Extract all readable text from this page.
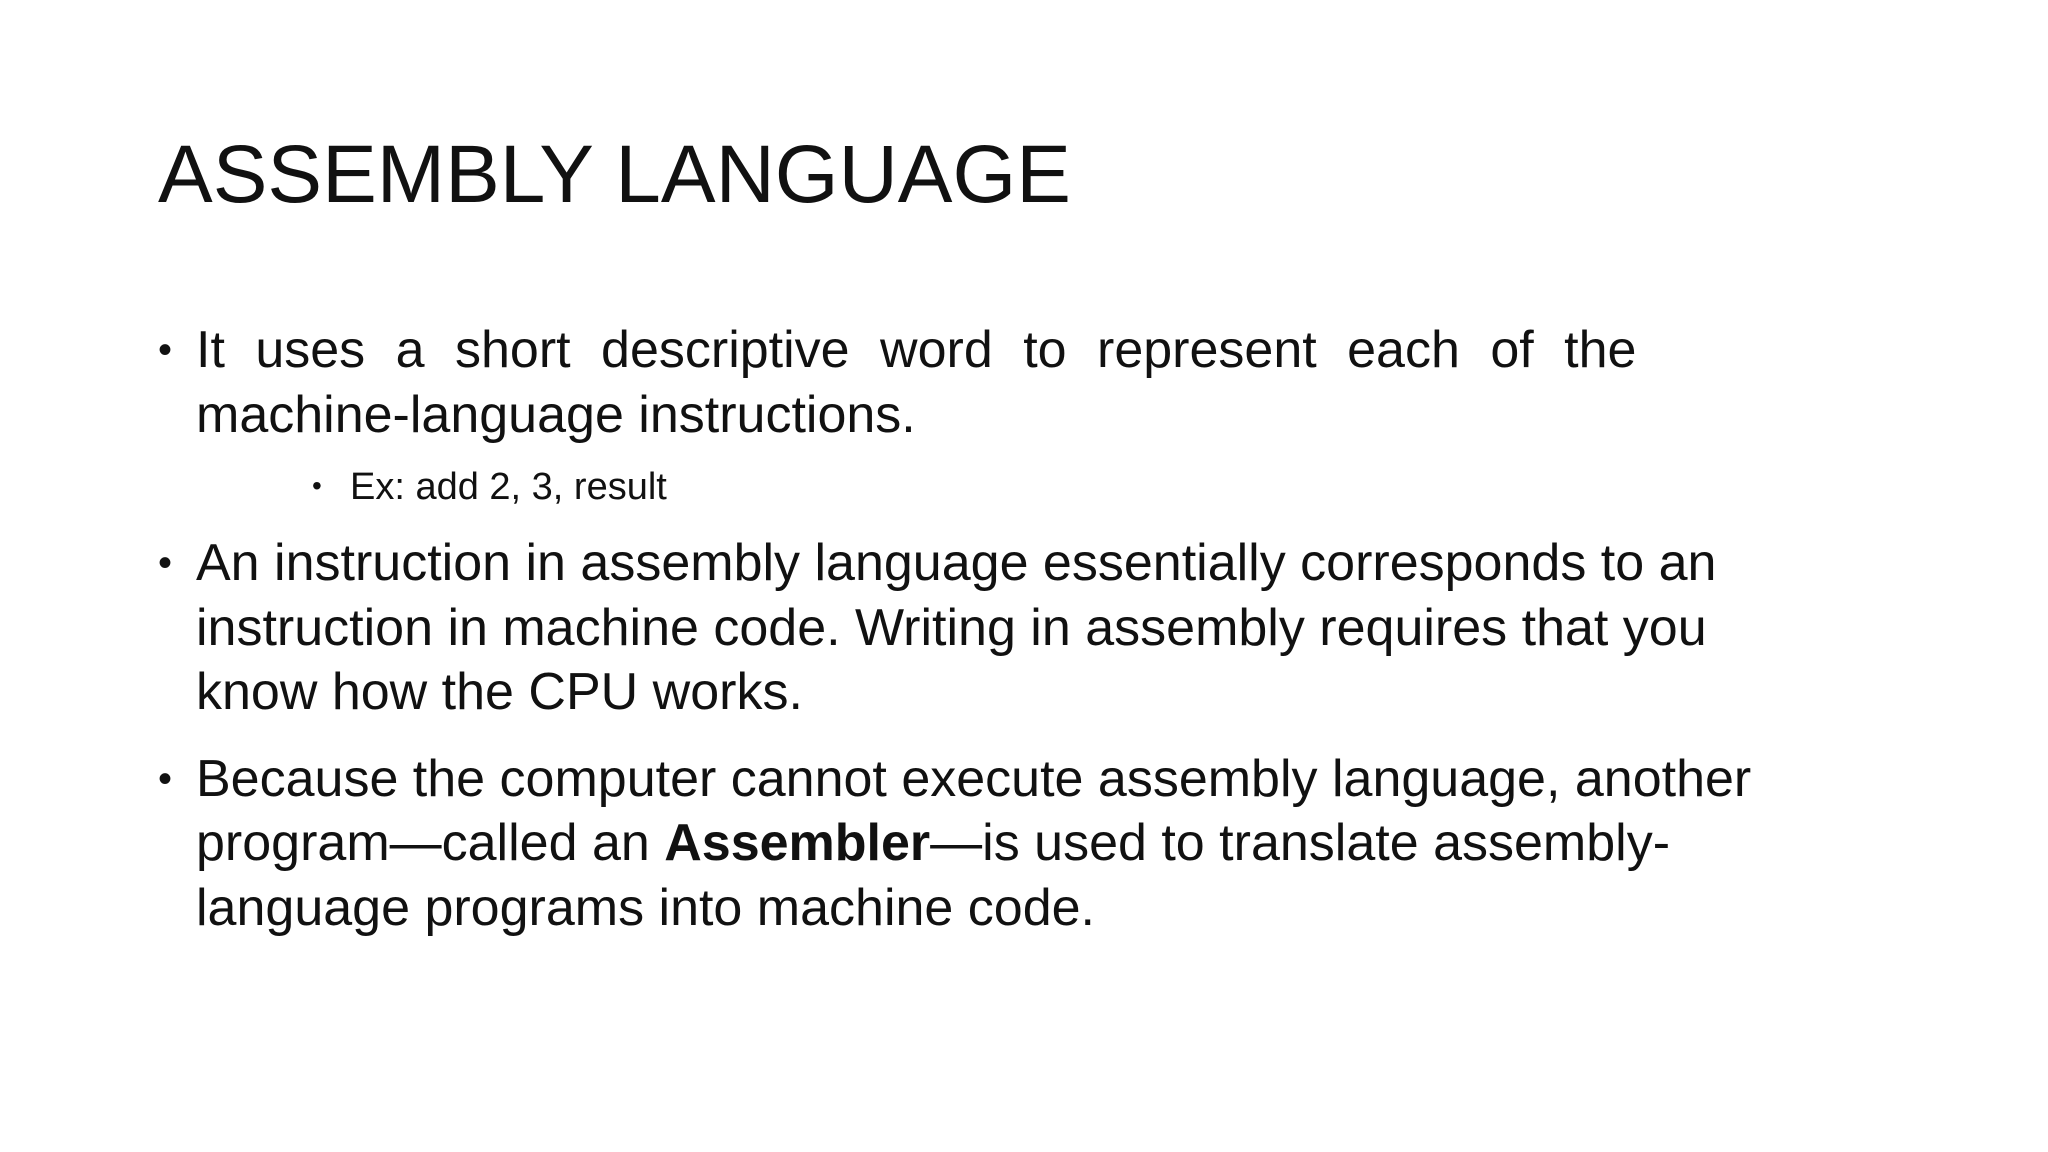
ASSEMBLY LANGUAGE
• It uses a short descriptive word to represent each of the
machine-language instructions.
• Ex: add 2, 3, result
• An instruction in assembly language essentially corresponds to an
instruction in machine code. Writing in assembly requires that you
know how the CPU works.
• Because the computer cannot execute assembly language, another
program—called an Assembler—is used to translate assembly-
language programs into machine code.
